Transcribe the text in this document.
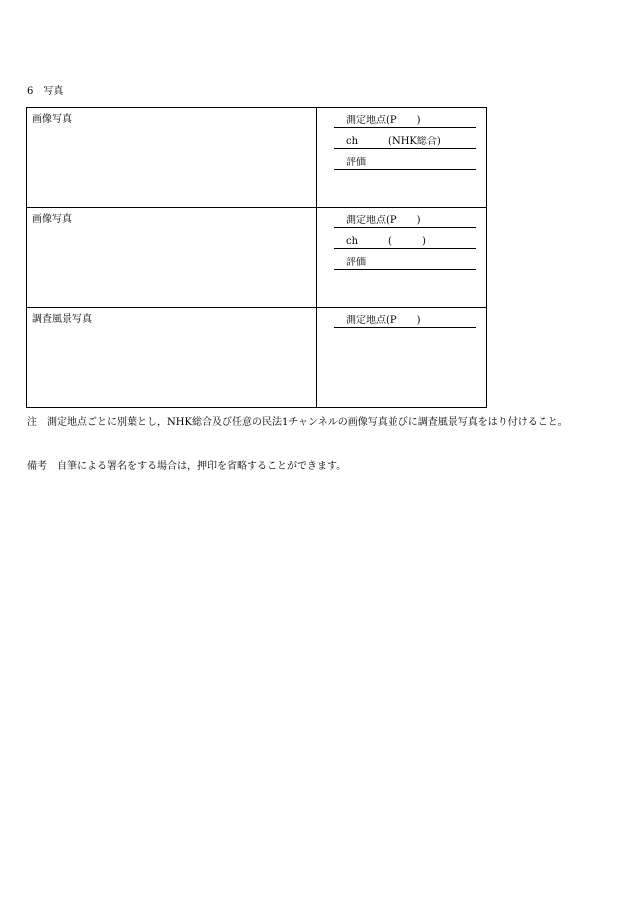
6 写真
画像写真	測定地点(P　　)
ch　　　(NHK総合)
評価

画像写真	測定地点(P　　)
ch　　　(　　　)
評価

調査風景写真	測定地点(P　　)
注 測定地点ごとに別葉とし，NHK総合及び任意の民法1チャンネルの画像写真並びに調査風景写真をはり付けること。
備考 自筆による署名をする場合は，押印を省略することができます。
